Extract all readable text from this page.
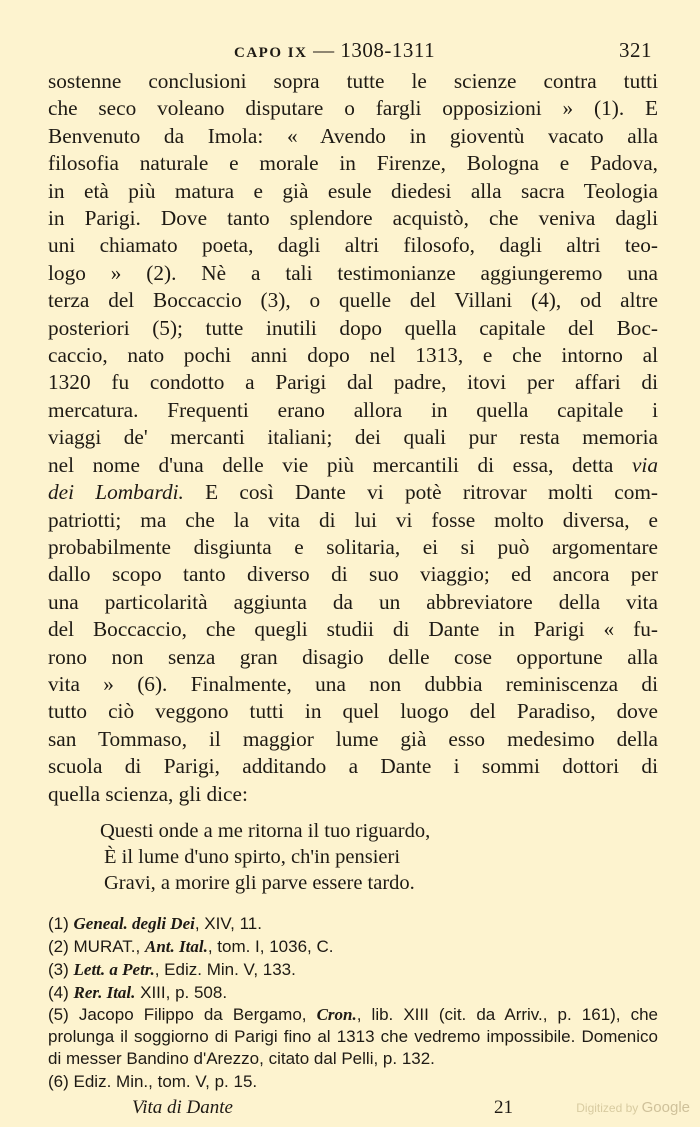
CAPO IX — 1308-1311	321
sostenne conclusioni sopra tutte le scienze contra tutti
che seco voleano disputare o fargli opposizioni » (1). E
Benvenuto da Imola: « Avendo in gioventù vacato alla
filosofia naturale e morale in Firenze, Bologna e Padova,
in età più matura e già esule diedesi alla sacra Teologia
in Parigi. Dove tanto splendore acquistò, che veniva dagli
uni chiamato poeta, dagli altri filosofo, dagli altri teo-
logo » (2). Nè a tali testimonianze aggiungeremo una
terza del Boccaccio (3), o quelle del Villani (4), od altre
posteriori (5); tutte inutili dopo quella capitale del Boc-
caccio, nato pochi anni dopo nel 1313, e che intorno al
1320 fu condotto a Parigi dal padre, itovi per affari di
mercatura. Frequenti erano allora in quella capitale i
viaggi de' mercanti italiani; dei quali pur resta memoria
nel nome d'una delle vie più mercantili di essa, detta via
dei Lombardi. E così Dante vi potè ritrovar molti com-
patriotti; ma che la vita di lui vi fosse molto diversa, e
probabilmente disgiunta e solitaria, ei si può argomentare
dallo scopo tanto diverso di suo viaggio; ed ancora per
una particolarità aggiunta da un abbreviatore della vita
del Boccaccio, che quegli studii di Dante in Parigi « fu-
rono non senza gran disagio delle cose opportune alla
vita » (6). Finalmente, una non dubbia reminiscenza di
tutto ciò veggono tutti in quel luogo del Paradiso, dove
san Tommaso, il maggior lume già esso medesimo della
scuola di Parigi, additando a Dante i sommi dottori di
quella scienza, gli dice:
Questi onde a me ritorna il tuo riguardo,
È il lume d'uno spirto, ch'in pensieri
Gravi, a morire gli parve essere tardo.
(1) Geneal. degli Dei, XIV, 11.
(2) MURAT., Ant. Ital., tom. I, 1036, C.
(3) Lett. a Petr., Ediz. Min. V, 133.
(4) Rer. Ital. XIII, p. 508.
(5) Jacopo Filippo da Bergamo, Cron., lib. XIII (cit. da Arriv., p. 161), che prolunga il soggiorno di Parigi fino al 1313 che vedremo impossibile. Domenico di messer Bandino d'Arezzo, citato dal Pelli, p. 132.
(6) Ediz. Min., tom. V, p. 15.
Vita di Dante	21	Digitized by Google
